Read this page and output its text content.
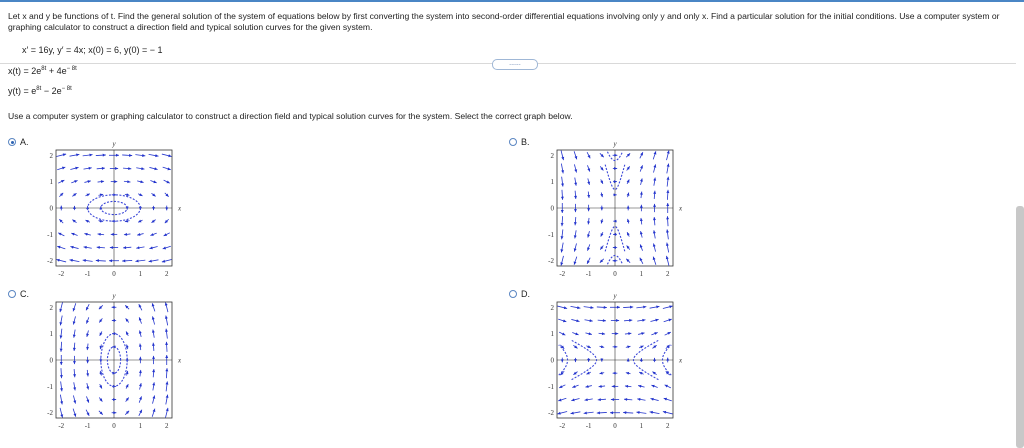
Let x and y be functions of t. Find the general solution of the system of equations below by first converting the system into second-order differential equations involving only y and only x. Find a particular solution for the initial conditions. Use a computer system or graphing calculator to construct a direction field and typical solution curves for the given system.
x′ = 16y, y′ = 4x; x(0) = 6, y(0) = − 1
......
$x(t) = 2e^{8t} + 4e^{- 8t}$
$y(t) = e^{8t} - 2e^{- 8t}$
Use a computer system or graphing calculator to construct a direction field and typical solution curves for the system. Select the correct graph below.
A.	B.
C.	D.
-2
-2
-1
-1
0
0
1
1
2
2
x
y
-2
-2
-1
-1
0
0
1
1
2
2
x
y
-2
-2
-1
-1
0
0
1
1
2
2
x
y
-2
-2
-1
-1
0
0
1
1
2
2
x
y
